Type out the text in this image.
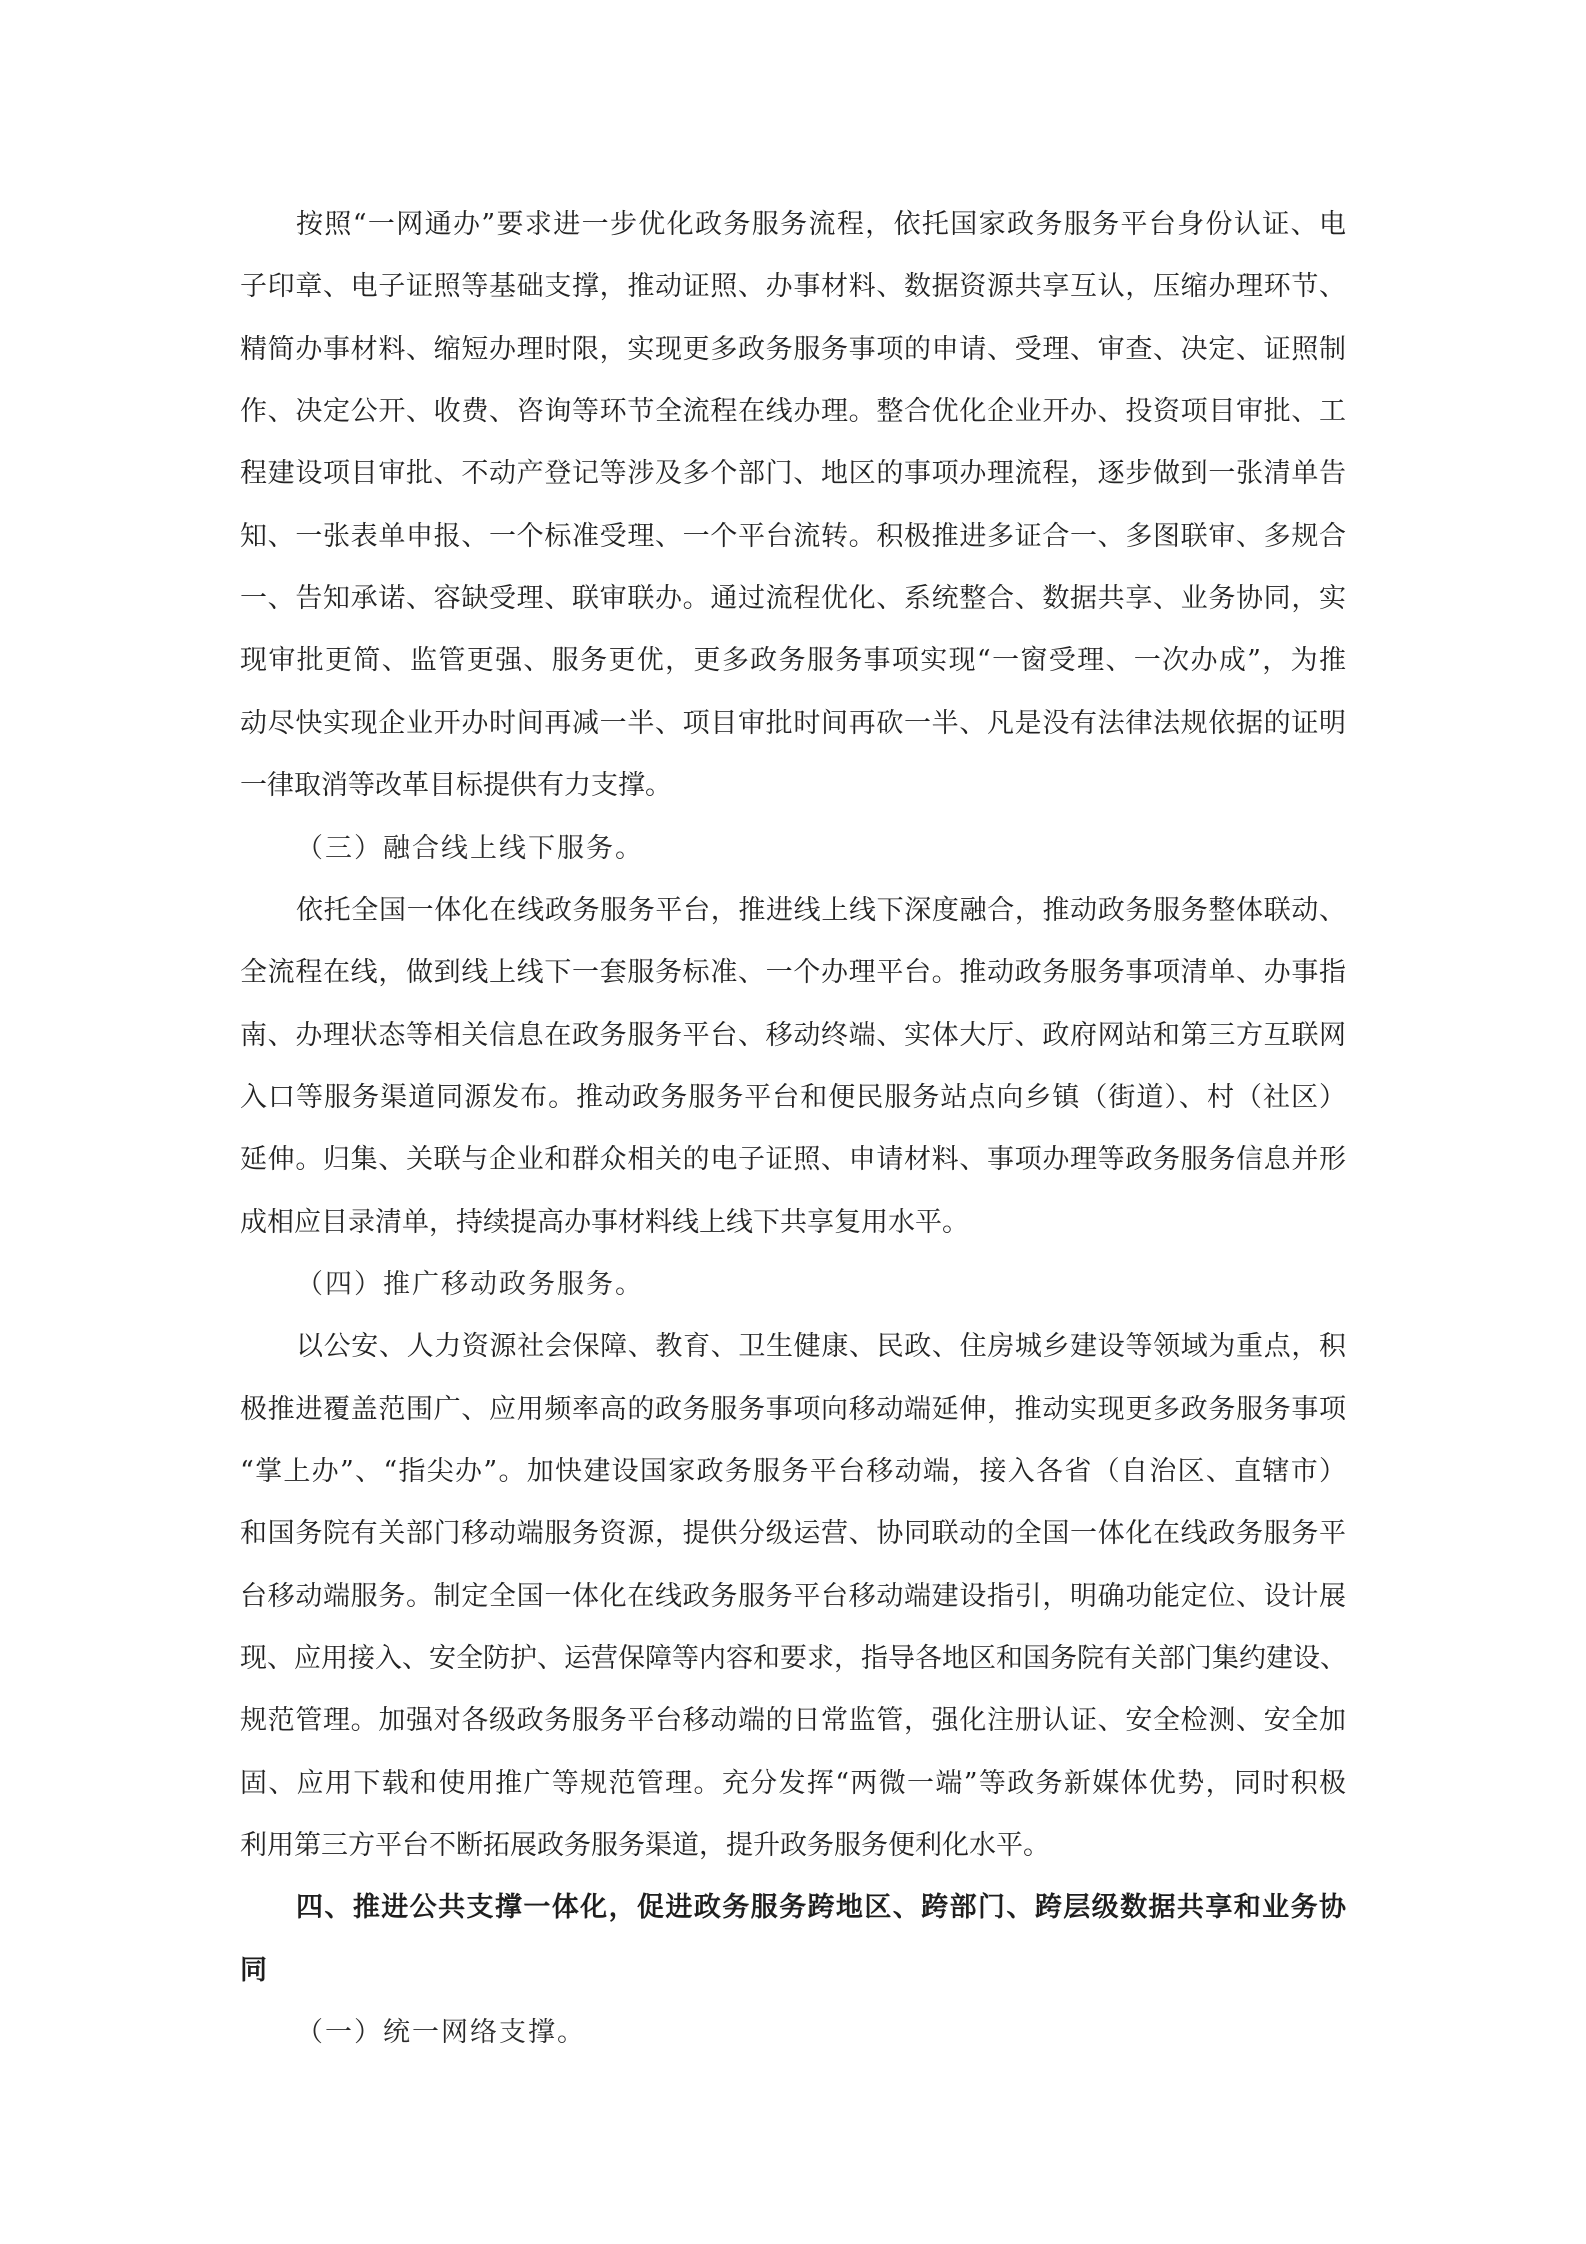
按照“一网通办”要求进一步优化政务服务流程，依托国家政务服务平台身份认证、电
子印章、电子证照等基础支撑，推动证照、办事材料、数据资源共享互认，压缩办理环节、
精简办事材料、缩短办理时限，实现更多政务服务事项的申请、受理、审查、决定、证照制
作、决定公开、收费、咨询等环节全流程在线办理。整合优化企业开办、投资项目审批、工
程建设项目审批、不动产登记等涉及多个部门、地区的事项办理流程，逐步做到一张清单告
知、一张表单申报、一个标准受理、一个平台流转。积极推进多证合一、多图联审、多规合
一、告知承诺、容缺受理、联审联办。通过流程优化、系统整合、数据共享、业务协同，实
现审批更简、监管更强、服务更优，更多政务服务事项实现“一窗受理、一次办成”，为推
动尽快实现企业开办时间再减一半、项目审批时间再砍一半、凡是没有法律法规依据的证明
一律取消等改革目标提供有力支撑。
（三）融合线上线下服务。
依托全国一体化在线政务服务平台，推进线上线下深度融合，推动政务服务整体联动、
全流程在线，做到线上线下一套服务标准、一个办理平台。推动政务服务事项清单、办事指
南、办理状态等相关信息在政务服务平台、移动终端、实体大厅、政府网站和第三方互联网
入口等服务渠道同源发布。推动政务服务平台和便民服务站点向乡镇（街道）、村（社区）
延伸。归集、关联与企业和群众相关的电子证照、申请材料、事项办理等政务服务信息并形
成相应目录清单，持续提高办事材料线上线下共享复用水平。
（四）推广移动政务服务。
以公安、人力资源社会保障、教育、卫生健康、民政、住房城乡建设等领域为重点，积
极推进覆盖范围广、应用频率高的政务服务事项向移动端延伸，推动实现更多政务服务事项
“掌上办”、“指尖办”。加快建设国家政务服务平台移动端，接入各省（自治区、直辖市）
和国务院有关部门移动端服务资源，提供分级运营、协同联动的全国一体化在线政务服务平
台移动端服务。制定全国一体化在线政务服务平台移动端建设指引，明确功能定位、设计展
现、应用接入、安全防护、运营保障等内容和要求，指导各地区和国务院有关部门集约建设、
规范管理。加强对各级政务服务平台移动端的日常监管，强化注册认证、安全检测、安全加
固、应用下载和使用推广等规范管理。充分发挥“两微一端”等政务新媒体优势，同时积极
利用第三方平台不断拓展政务服务渠道，提升政务服务便利化水平。
四、推进公共支撑一体化，促进政务服务跨地区、跨部门、跨层级数据共享和业务协
同
（一）统一网络支撑。
